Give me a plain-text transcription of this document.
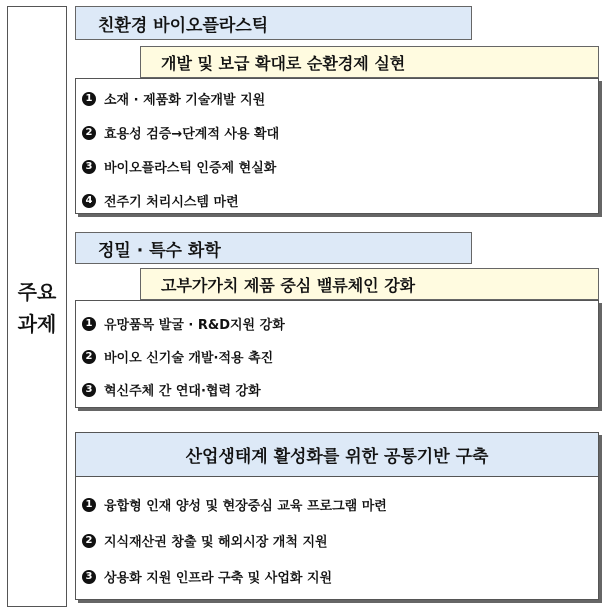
주요
과제
친환경 바이오플라스틱
개발 및 보급 확대로 순환경제 실현
1 소재 · 제품화 기술개발 지원
2 효용성 검증→단계적 사용 확대
3 바이오플라스틱 인증제 현실화
4 전주기 처리시스템 마련
정밀 · 특수 화학
고부가가치 제품 중심 밸류체인 강화
1 유망품목 발굴 · R&D지원 강화
2 바이오 신기술 개발·적용 촉진
3 혁신주체 간 연대·협력 강화
산업생태계 활성화를 위한 공통기반 구축
1 융합형 인재 양성 및 현장중심 교육 프로그램 마련
2 지식재산권 창출 및 해외시장 개척 지원
3 상용화 지원 인프라 구축 및 사업화 지원
